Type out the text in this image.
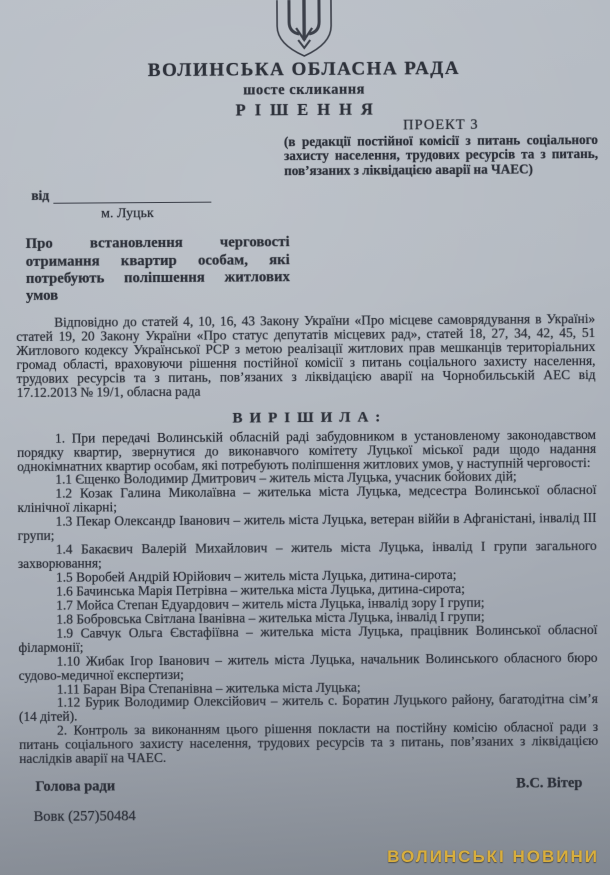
ВОЛИНСЬКА ОБЛАСНА РАДА
шосте скликання
РІШЕННЯ
ПРОЕКТ 3
(в редакції постійної комісії з питань соціального захисту населення, трудових ресурсів та з питань, пов’язаних з ліквідацією аварії на ЧАЕС)
від
м. Луцьк
Про встановлення черговості отримання квартир особам, які потребують поліпшення житлових умов

Відповідно до статей 4, 10, 16, 43 Закону України «Про місцеве самоврядування в Україні» статей 19, 20 Закону України «Про статус депутатів місцевих рад», статей 18, 27, 34, 42, 45, 51 Житлового кодексу Української РСР з метою реалізації житлових прав мешканців територіальних громад області, враховуючи рішення постійної комісії з питань соціального захисту населення, трудових ресурсів та з питань, пов’язаних з ліквідацією аварії на Чорнобильській АЕС від 17.12.2013 № 19/1, обласна рада

ВИРІШИЛА:

1. При передачі Волинській обласній раді забудовником в установленому законодавством порядку квартир, звернутися до виконавчого комітету Луцької міської ради щодо надання однокімнатних квартир особам, які потребують поліпшення житлових умов, у наступній черговості:

1.1 Єщенко Володимир Дмитрович – житель міста Луцька, учасник бойових дій;

1.2 Козак Галина Миколаївна – жителька міста Луцька, медсестра Волинської обласної клінічної лікарні;

1.3 Пекар Олександр Іванович – житель міста Луцька, ветеран віййи в Афганістані, інвалід ІІІ групи;

1.4 Бакаєвич Валерій Михайлович – житель міста Луцька, інвалід І групи загального захворювання;

1.5 Воробей Андрій Юрійович – житель міста Луцька, дитина-сирота;

1.6 Бачинська Марія Петрівна – жителька міста Луцька, дитина-сирота;

1.7 Мойса Степан Едуардович – житель міста Луцька, інвалід зору І групи;

1.8 Бобровська Світлана Іванівна – жителька міста Луцька, інвалід І групи;

1.9 Савчук Ольга Євстафіївна – жителька міста Луцька, працівник Волинської обласної філармонії;

1.10 Жибак Ігор Іванович – житель міста Луцька, начальник Волинського обласного бюро судово-медичної експертизи;

1.11 Баран Віра Степанівна – жителька міста Луцька;

1.12 Бурик Володимир Олексійович – житель с. Боратин Луцького району, багатодітна сім’я (14 дітей).

2. Контроль за виконанням цього рішення покласти на постійну комісію обласної ради з питань соціального захисту населення, трудових ресурсів та з питань, пов’язаних з ліквідацією наслідків аварії на ЧАЕС.

Голова ради	В.С. Вітер
Вовк (257)50484
ВОЛИНСЬКІ НОВИНИ
